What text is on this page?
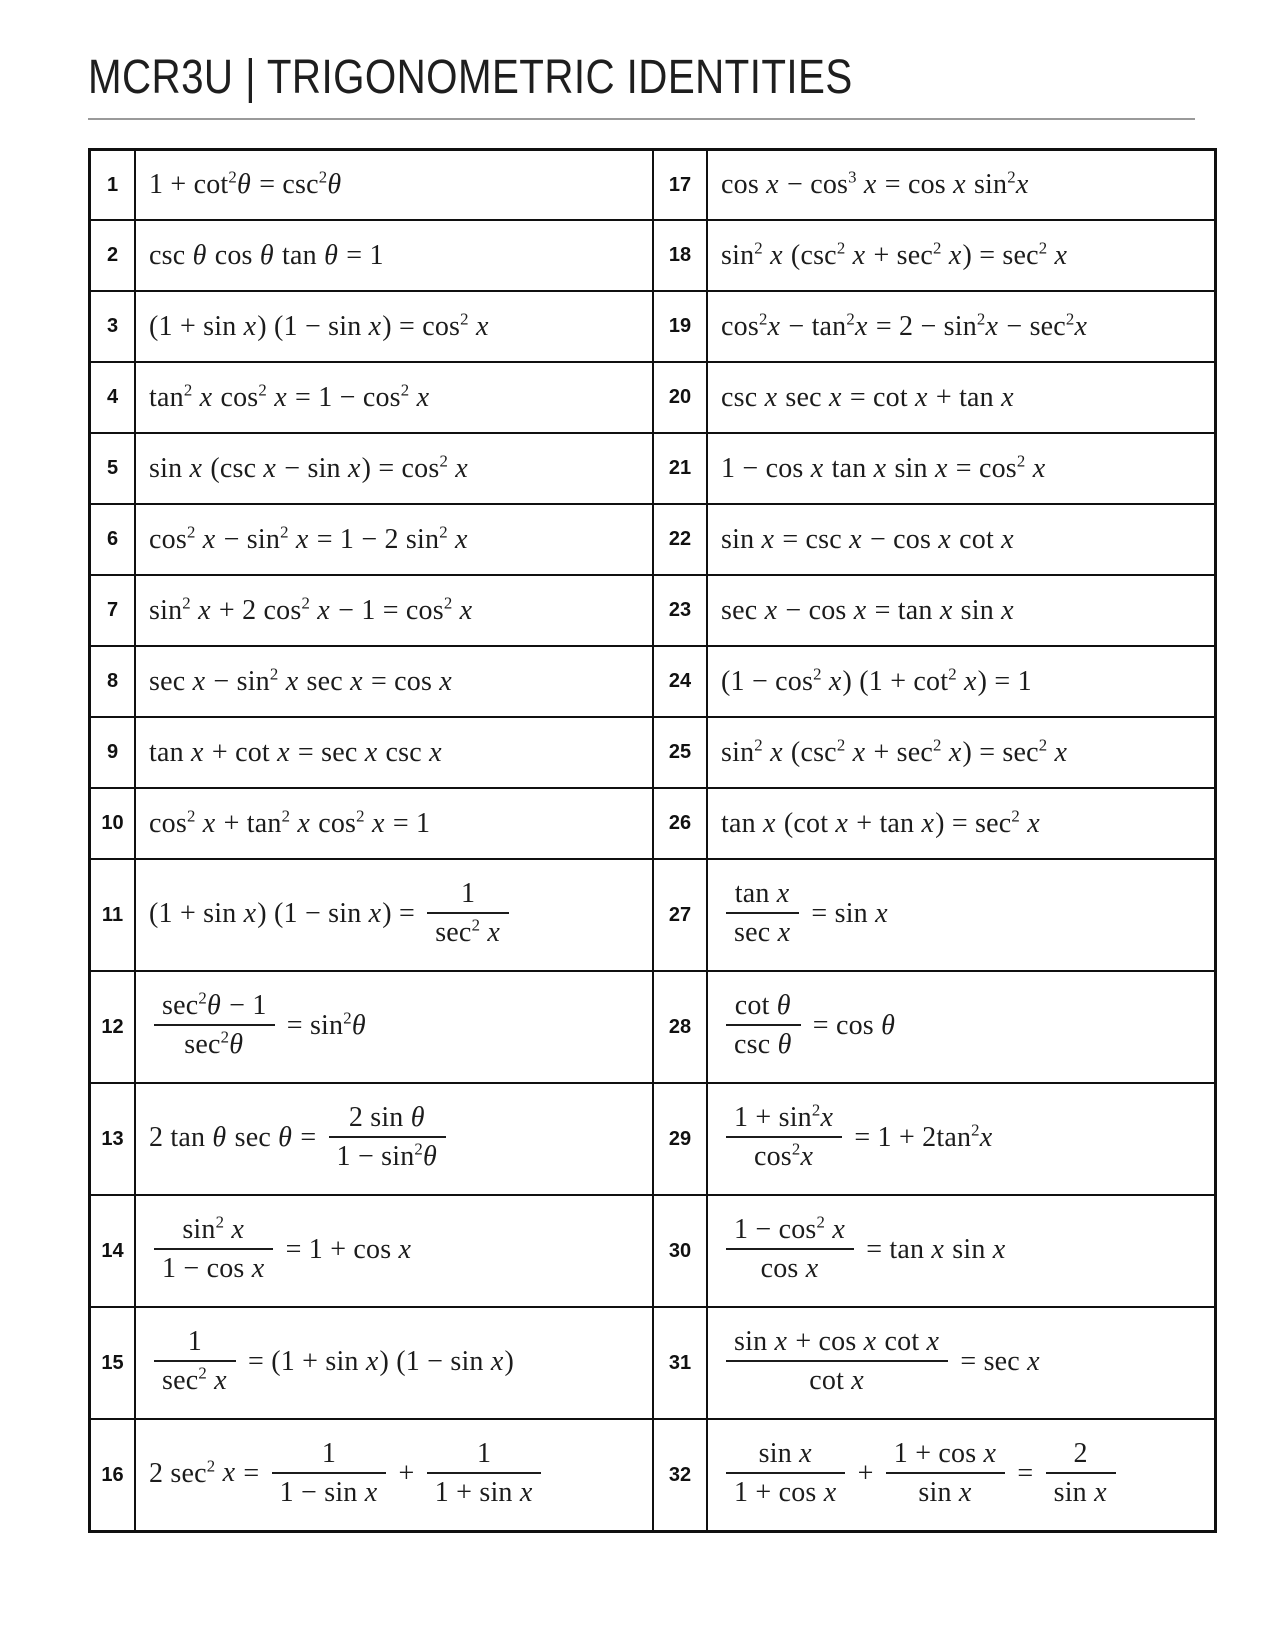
MCR3U | TRIGONOMETRIC IDENTITIES
1	$1 + \cot^2\theta = \csc^2\theta$	17	$\cos x - \cos^3 x = \cos x$ $\sin^2x$
2	csc θ cos θ tan θ = 1	18	$\sin^2 x$ ($\csc^2$ $x + \sec^2 x) = \sec^2 x$
3	(1 + sin x) $(1 - \sin x) = \cos^2 x$	19	$\cos^2x - \tan^2x = 2 - \sin^2x - \sec^2x$
4	$\tan^2 x$ $\cos^2 x = 1 - \cos^2 x$	20	csc x sec x = cot x + tan x
5	sin x (csc $x - \sin x) = \cos^2 x$	21	1 − cos x tan x $\sin x = \cos^2 x$
6	$\cos^2 x - \sin^2 x = 1 - 2$ $\sin^2 x$	22	sin x = csc x − cos x cot x
7	$\sin^2 x + 2$ $\cos^2 x - 1 = \cos^2 x$	23	sec x − cos x = tan x sin x
8	$\sec x - \sin^2 x$ sec x = cos x	24	$(1 - \cos^2 x)$ $(1 + \cot^2 x) = 1$
9	tan x + cot x = sec x csc x	25	$\sin^2 x$ ($\csc^2$ $x + \sec^2 x) = \sec^2 x$
10	$\cos^2 x + \tan^2 x$ $\cos^2 x = 1$	26	tan x (cot $x + \tan x) = \sec^2 x$
11	(1 + sin x) $(1 - \sin x) = \frac{1}{\sec^2 x}$	27	$\frac{\text{tan x}}{\text{sec x}} = \sin x$
12	$\frac{\sec^2\theta - 1}{\sec^2\theta} = \sin^2\theta$	28	$\frac{\text{cot θ}}{\text{csc θ}} = \cos \theta$
13	2 tan θ $\sec \theta = \frac{\text{2 sin θ}}{1 - \sin^2\theta}$	29	$\frac{1 + \sin^2x}{\cos^2x} = 1 + 2\tan^2x$
14	$\frac{\sin^2 x}{\text{1 − cos x}} = 1 + \cos x$	30	$\frac{1 - \cos^2 x}{\text{cos x}} = \tan x$ sin x
15	$\frac{1}{\sec^2 x} = (1 + \sin x) (1 - \sin x)$	31	$\frac{\text{sin x + cos x cot x}}{\text{cot x}} = \sec x$
16	2 $\sec^2 x = \frac{1}{\text{1 − sin x}} + \frac{1}{\text{1 + sin x}}$	32	$\frac{\text{sin x}}{\text{1 + cos x}} + \frac{\text{1 + cos x}}{\text{sin x}} = \frac{2}{\text{sin x}}$
